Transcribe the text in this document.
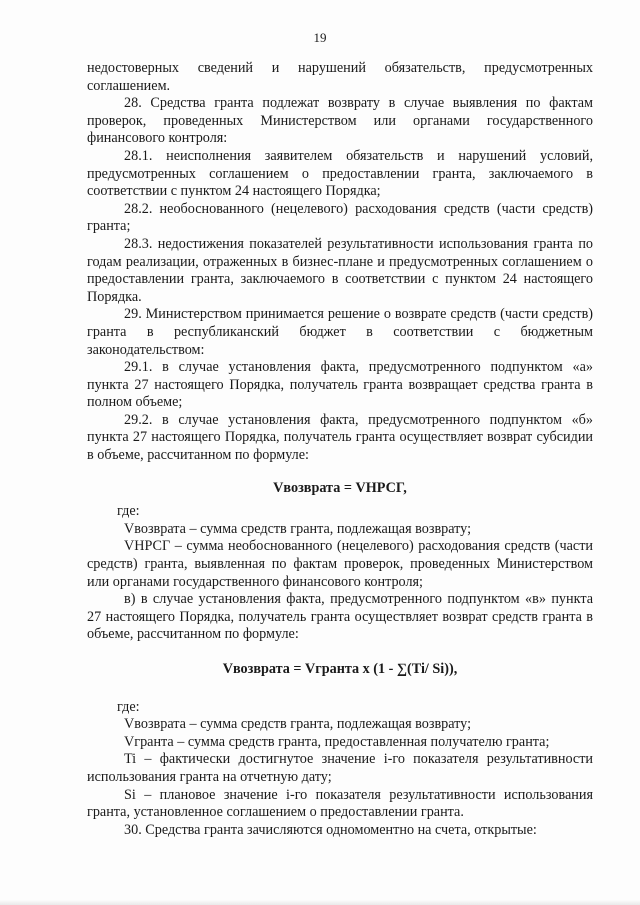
19

недостоверных сведений и нарушений обязательств, предусмотренных соглашением.

28. Средства гранта подлежат возврату в случае выявления по фактам проверок, проведенных Министерством или органами государственного финансового контроля:

28.1. неисполнения заявителем обязательств и нарушений условий, предусмотренных соглашением о предоставлении гранта, заключаемого в соответствии с пунктом 24 настоящего Порядка;

28.2. необоснованного (нецелевого) расходования средств (части средств) гранта;

28.3. недостижения показателей результативности использования гранта по годам реализации, отраженных в бизнес-плане и предусмотренных соглашением о предоставлении гранта, заключаемого в соответствии с пунктом 24 настоящего Порядка.

29. Министерством принимается решение о возврате средств (части средств) гранта в республиканский бюджет в соответствии с бюджетным законодательством:

29.1. в случае установления факта, предусмотренного подпунктом «а» пункта 27 настоящего Порядка, получатель гранта возвращает средства гранта в полном объеме;

29.2. в случае установления факта, предусмотренного подпунктом «б» пункта 27 настоящего Порядка, получатель гранта осуществляет возврат субсидии в объеме, рассчитанном по формуле:

Vвозврата = VНРСГ,

где:

Vвозврата – сумма средств гранта, подлежащая возврату;

VНРСГ – сумма необоснованного (нецелевого) расходования средств (части средств) гранта, выявленная по фактам проверок, проведенных Министерством или органами государственного финансового контроля;

в) в случае установления факта, предусмотренного подпунктом «в» пункта 27 настоящего Порядка, получатель гранта осуществляет возврат средств гранта в объеме, рассчитанном по формуле:

Vвозврата = Vгранта x (1 - ∑(Ti/ Si)),

где:

Vвозврата – сумма средств гранта, подлежащая возврату;

Vгранта – сумма средств гранта, предоставленная получателю гранта;

Ti – фактически достигнутое значение i-го показателя результативности использования гранта на отчетную дату;

Si – плановое значение i-го показателя результативности использования гранта, установленное соглашением о предоставлении гранта.

30. Средства гранта зачисляются одномоментно на счета, открытые:
